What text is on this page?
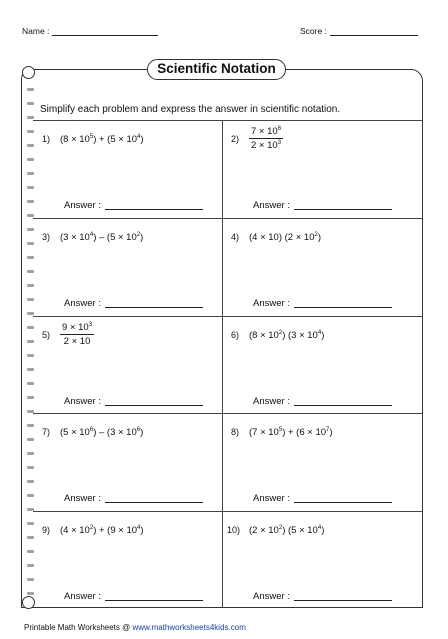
Name :	Score :
Scientific Notation
Simplify each problem and express the answer in scientific notation.
1) $(8 \times 10^5) + (5 \times 10^4)$
Answer :
$2) \frac{7 \times 10^6}{2 \times 10^3}$
Answer :
3) $(3 \times 10^4) - (5 \times 10^2)$
Answer :
4) (4 × 10) $(2 \times 10^2)$
Answer :
$5) \frac{9 \times 10^3}{2 \times 10}$
Answer :
6) $(8 \times 10^2)$ $(3 \times 10^4)$
Answer :
7) $(5 \times 10^6) - (3 \times 10^6)$
Answer :
8) $(7 \times 10^5) + (6 \times 10^7)$
Answer :
9) $(4 \times 10^2) + (9 \times 10^4)$
Answer :
10) $(2 \times 10^2)$ $(5 \times 10^4)$
Answer :
Printable Math Worksheets @ www.mathworksheets4kids.com
